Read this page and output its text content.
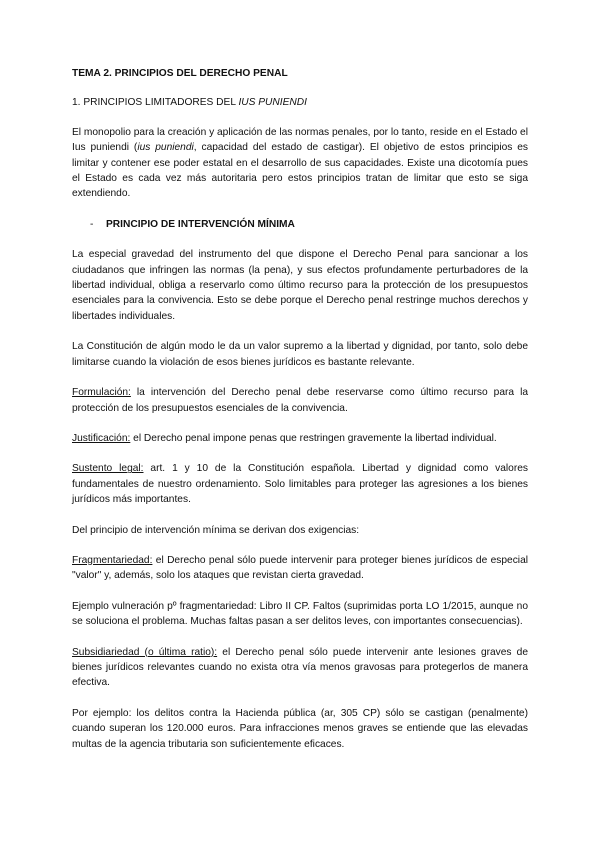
TEMA 2. PRINCIPIOS DEL DERECHO PENAL
1. PRINCIPIOS LIMITADORES DEL IUS PUNIENDI

El monopolio para la creación y aplicación de las normas penales, por lo tanto, reside en el Estado el Ius puniendi (ius puniendi, capacidad del estado de castigar). El objetivo de estos principios es limitar y contener ese poder estatal en el desarrollo de sus capacidades. Existe una dicotomía pues el Estado es cada vez más autoritaria pero estos principios tratan de limitar que esto se siga extendiendo.

- PRINCIPIO DE INTERVENCIÓN MÍNIMA

La especial gravedad del instrumento del que dispone el Derecho Penal para sancionar a los ciudadanos que infringen las normas (la pena), y sus efectos profundamente perturbadores de la libertad individual, obliga a reservarlo como último recurso para la protección de los presupuestos esenciales para la convivencia. Esto se debe porque el Derecho penal restringe muchos derechos y libertades individuales.

La Constitución de algún modo le da un valor supremo a la libertad y dignidad, por tanto, solo debe limitarse cuando la violación de esos bienes jurídicos es bastante relevante.

Formulación: la intervención del Derecho penal debe reservarse como último recurso para la protección de los presupuestos esenciales de la convivencia.

Justificación: el Derecho penal impone penas que restringen gravemente la libertad individual.

Sustento legal: art. 1 y 10 de la Constitución española. Libertad y dignidad como valores fundamentales de nuestro ordenamiento. Solo limitables para proteger las agresiones a los bienes jurídicos más importantes.

Del principio de intervención mínima se derivan dos exigencias:

Fragmentariedad: el Derecho penal sólo puede intervenir para proteger bienes jurídicos de especial "valor" y, además, solo los ataques que revistan cierta gravedad.

Ejemplo vulneración pº fragmentariedad: Libro II CP. Faltos (suprimidas porta LO 1/2015, aunque no se soluciona el problema. Muchas faltas pasan a ser delitos leves, con importantes consecuencias).

Subsidiariedad (o última ratio): el Derecho penal sólo puede intervenir ante lesiones graves de bienes jurídicos relevantes cuando no exista otra vía menos gravosas para protegerlos de manera efectiva.

Por ejemplo: los delitos contra la Hacienda pública (ar, 305 CP) sólo se castigan (penalmente) cuando superan los 120.000 euros. Para infracciones menos graves se entiende que las elevadas multas de la agencia tributaria son suficientemente eficaces.
